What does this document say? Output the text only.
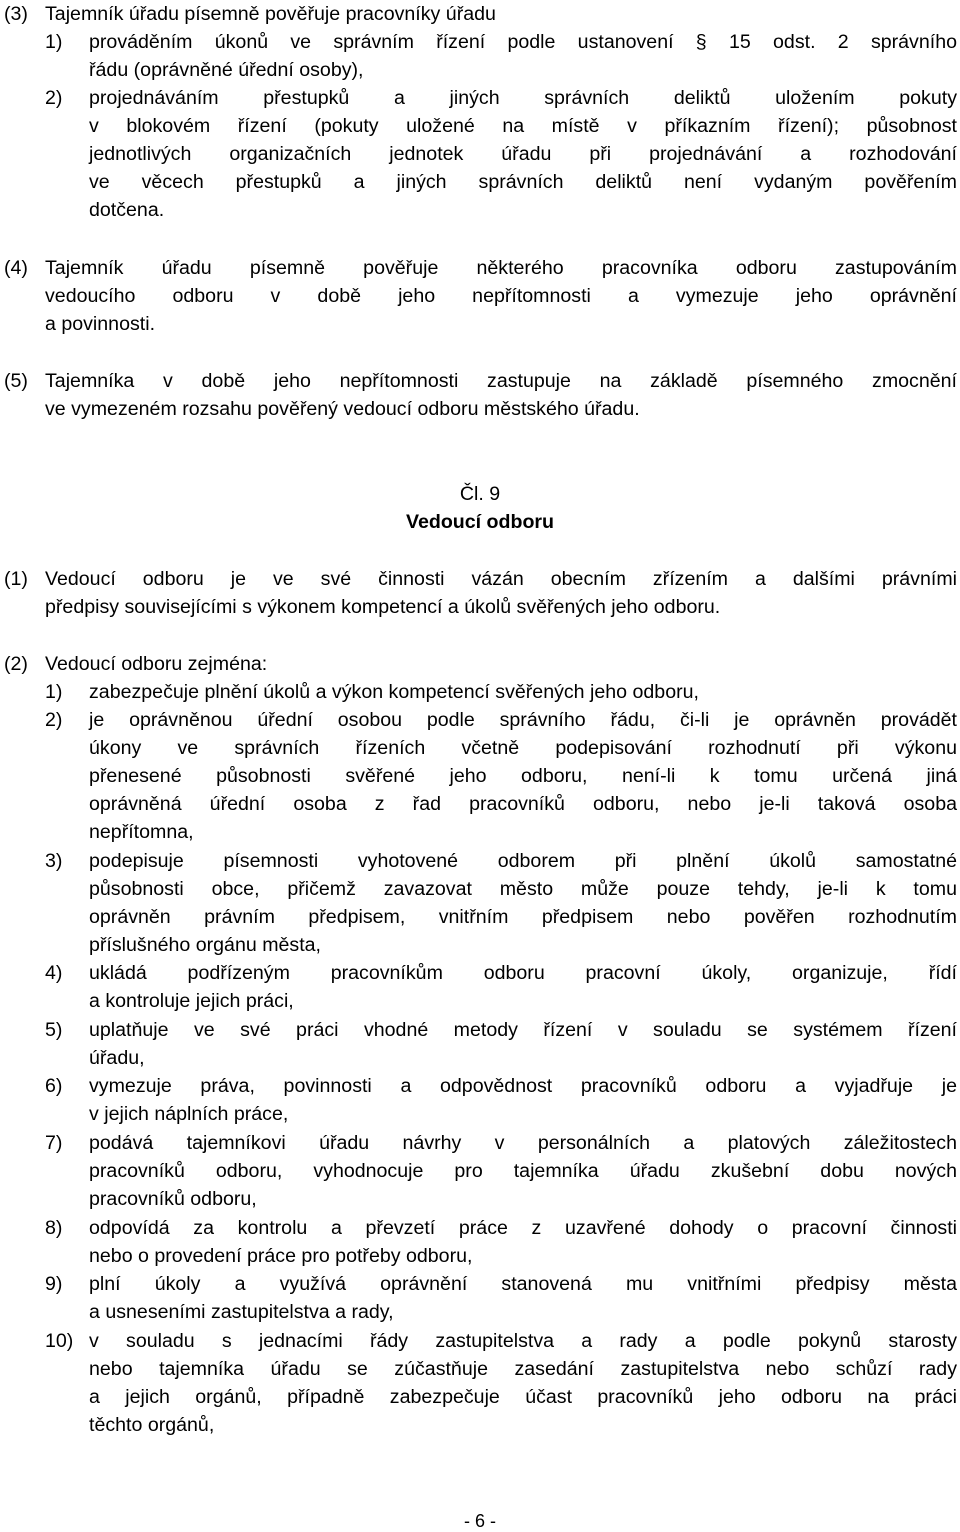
(3) Tajemník úřadu písemně pověřuje pracovníky úřadu
1) prováděním úkonů ve správním řízení podle ustanovení § 15 odst. 2 správního
řádu (oprávněné úřední osoby),
2) projednáváním přestupků a jiných správních deliktů uložením pokuty
v blokovém řízení (pokuty uložené na místě v příkazním řízení); působnost
jednotlivých organizačních jednotek úřadu při projednávání a rozhodování
ve věcech přestupků a jiných správních deliktů není vydaným pověřením
dotčena.
(4) Tajemník úřadu písemně pověřuje některého pracovníka odboru zastupováním
vedoucího odboru v době jeho nepřítomnosti a vymezuje jeho oprávnění
a povinnosti.
(5) Tajemníka v době jeho nepřítomnosti zastupuje na základě písemného zmocnění
ve vymezeném rozsahu pověřený vedoucí odboru městského úřadu.
Čl. 9
Vedoucí odboru
(1) Vedoucí odboru je ve své činnosti vázán obecním zřízením a dalšími právními
předpisy souvisejícími s výkonem kompetencí a úkolů svěřených jeho odboru.
(2) Vedoucí odboru zejména:
1) zabezpečuje plnění úkolů a výkon kompetencí svěřených jeho odboru,
2) je oprávněnou úřední osobou podle správního řádu, či-li je oprávněn provádět
úkony ve správních řízeních včetně podepisování rozhodnutí při výkonu
přenesené působnosti svěřené jeho odboru, není-li k tomu určená jiná
oprávněná úřední osoba z řad pracovníků odboru, nebo je-li taková osoba
nepřítomna,
3) podepisuje písemnosti vyhotovené odborem při plnění úkolů samostatné
působnosti obce, přičemž zavazovat město může pouze tehdy, je-li k tomu
oprávněn právním předpisem, vnitřním předpisem nebo pověřen rozhodnutím
příslušného orgánu města,
4) ukládá podřízeným pracovníkům odboru pracovní úkoly, organizuje, řídí
a kontroluje jejich práci,
5) uplatňuje ve své práci vhodné metody řízení v souladu se systémem řízení
úřadu,
6) vymezuje práva, povinnosti a odpovědnost pracovníků odboru a vyjadřuje je
v jejich náplních práce,
7) podává tajemníkovi úřadu návrhy v personálních a platových záležitostech
pracovníků odboru, vyhodnocuje pro tajemníka úřadu zkušební dobu nových
pracovníků odboru,
8) odpovídá za kontrolu a převzetí práce z uzavřené dohody o pracovní činnosti
nebo o provedení práce pro potřeby odboru,
9) plní úkoly a využívá oprávnění stanovená mu vnitřními předpisy města
a usneseními zastupitelstva a rady,
10) v souladu s jednacími řády zastupitelstva a rady a podle pokynů starosty
nebo tajemníka úřadu se zúčastňuje zasedání zastupitelstva nebo schůzí rady
a jejich orgánů, případně zabezpečuje účast pracovníků jeho odboru na práci
těchto orgánů,
- 6 -
